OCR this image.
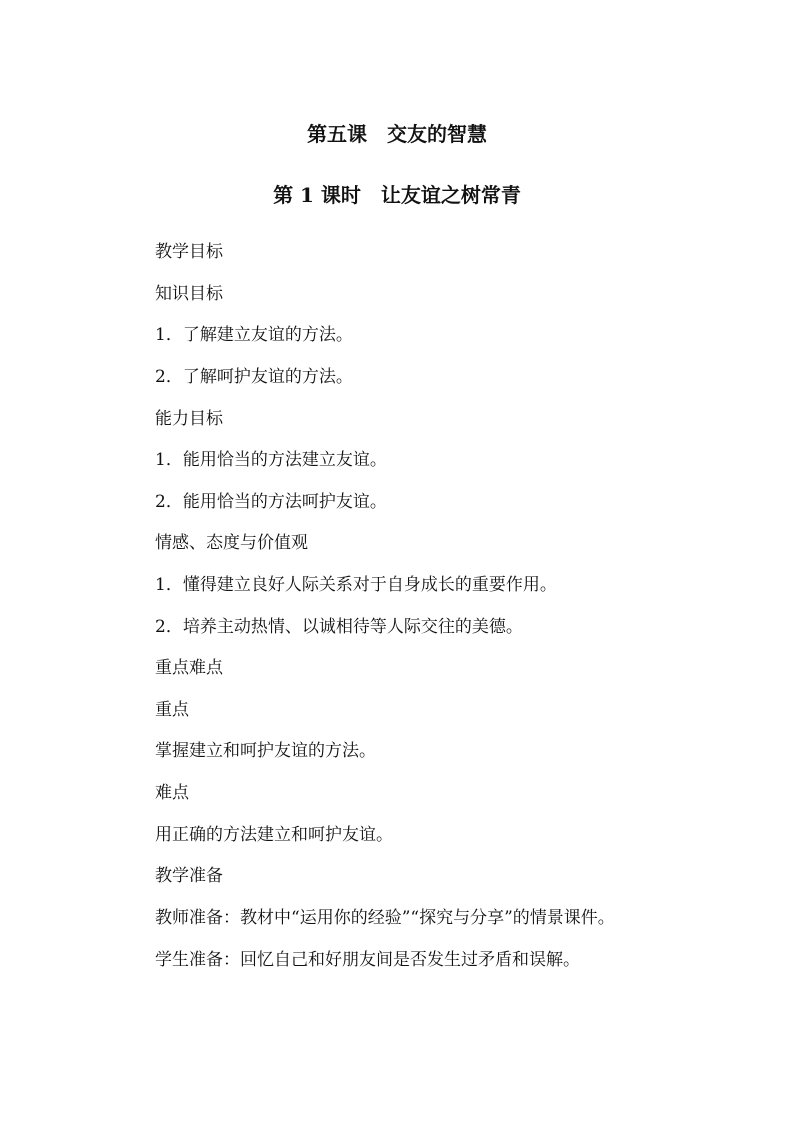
第五课　交友的智慧
第 1 课时　让友谊之树常青

教学目标

知识目标

1．了解建立友谊的方法。

2．了解呵护友谊的方法。

能力目标

1．能用恰当的方法建立友谊。

2．能用恰当的方法呵护友谊。

情感、态度与价值观

1．懂得建立良好人际关系对于自身成长的重要作用。

2．培养主动热情、以诚相待等人际交往的美德。

重点难点

重点

掌握建立和呵护友谊的方法。

难点

用正确的方法建立和呵护友谊。

教学准备

教师准备：教材中“运用你的经验”“探究与分享”的情景课件。

学生准备：回忆自己和好朋友间是否发生过矛盾和误解。
